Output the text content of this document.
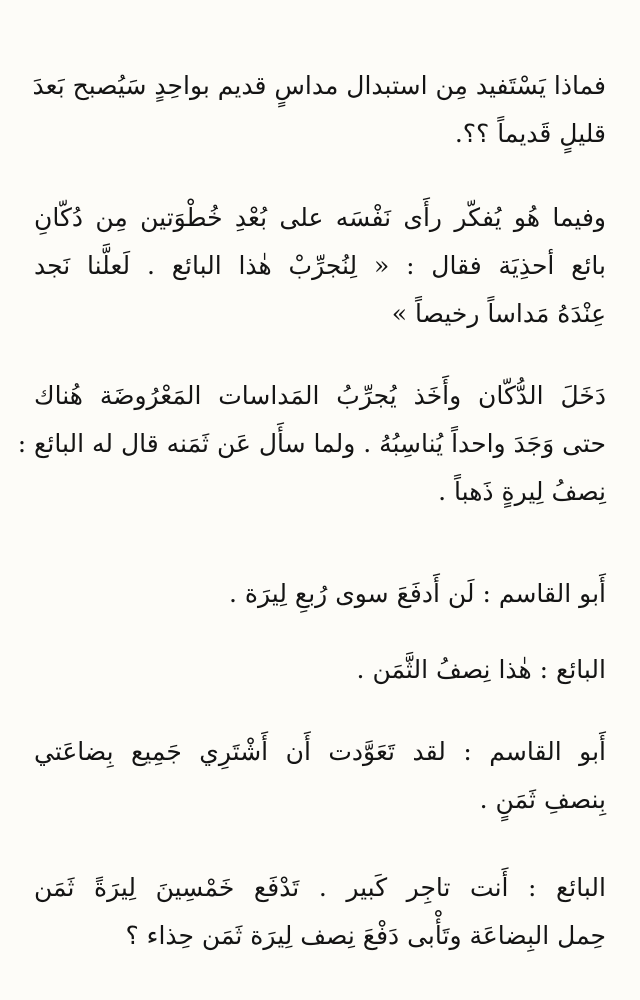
فماذا يَسْتَفيد مِن استبدال مداسٍ قديم بواحِدٍ سَيُصبح بَعدَ
قليلٍ قَديماً ؟؟.
وفيما هُو يُفكّر رأَى نَفْسَه على بُعْدِ خُطْوَتين مِن دُكّانِ
بائع أحذِيَة فقال : « لِنُجرِّبْ هٰذا البائع . لَعلَّنا نَجد
عِنْدَهُ مَداساً رخيصاً »
دَخَلَ الدُّكّان وأَخَذ يُجرِّبُ المَداسات المَعْرُوضَة هُناك
حتى وَجَدَ واحداً يُناسِبُهُ . ولما سأَل عَن ثَمَنه قال له البائع :
نِصفُ لِيرةٍ ذَهباً .
أَبو القاسم : لَن أَدفَعَ سوى رُبعِ لِيرَة .
البائع : هٰذا نِصفُ الثَّمَن .
أَبو القاسم : لقد تَعَوَّدت أَن أَشْتَرِي جَمِيع بِضاعَتي
بِنصفِ ثَمَنٍ .
البائع : أَنت تاجِر كَبير . تَدْفَع خَمْسِينَ لِيرَةً ثَمَن
حِمل البِضاعَة وتَأْبى دَفْعَ نِصف لِيرَة ثَمَن حِذاء ؟
